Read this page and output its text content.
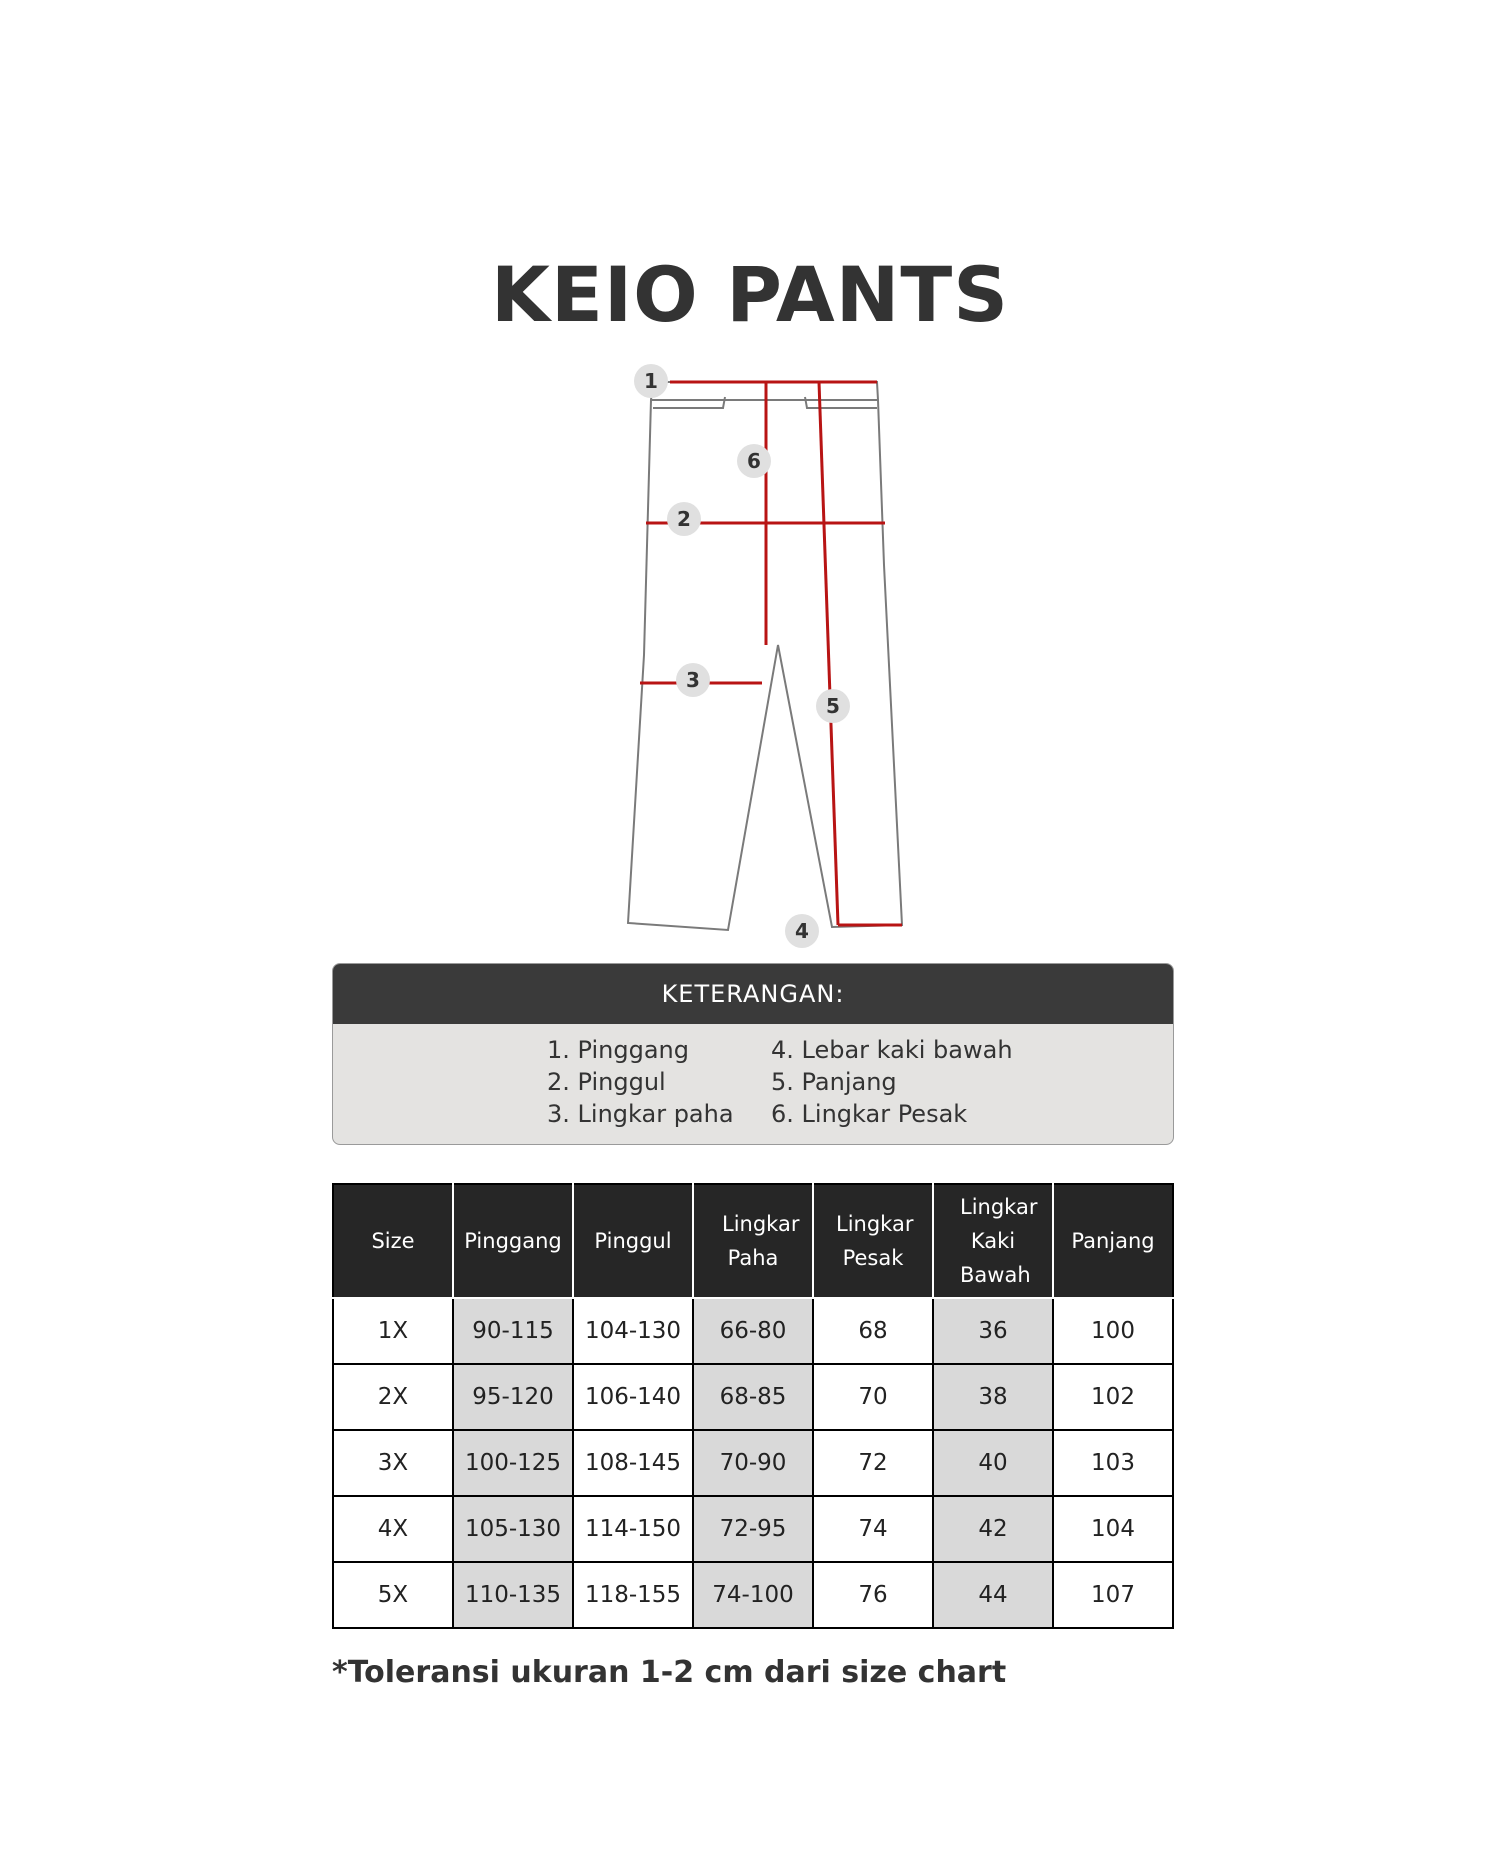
KEIO PANTS
1
6
2
3
5
4
KETERANGAN:
1. Pinggang
2. Pinggul
3. Lingkar paha
4. Lebar kaki bawah
5. Panjang
6. Lingkar Pesak
Size	Pinggang	Pinggul	Lingkar Paha	Lingkar Pesak	Lingkar Kaki Bawah	Panjang
1X	90-115	104-130	66-80	68	36	100
2X	95-120	106-140	68-85	70	38	102
3X	100-125	108-145	70-90	72	40	103
4X	105-130	114-150	72-95	74	42	104
5X	110-135	118-155	74-100	76	44	107
*Toleransi ukuran 1-2 cm dari size chart
